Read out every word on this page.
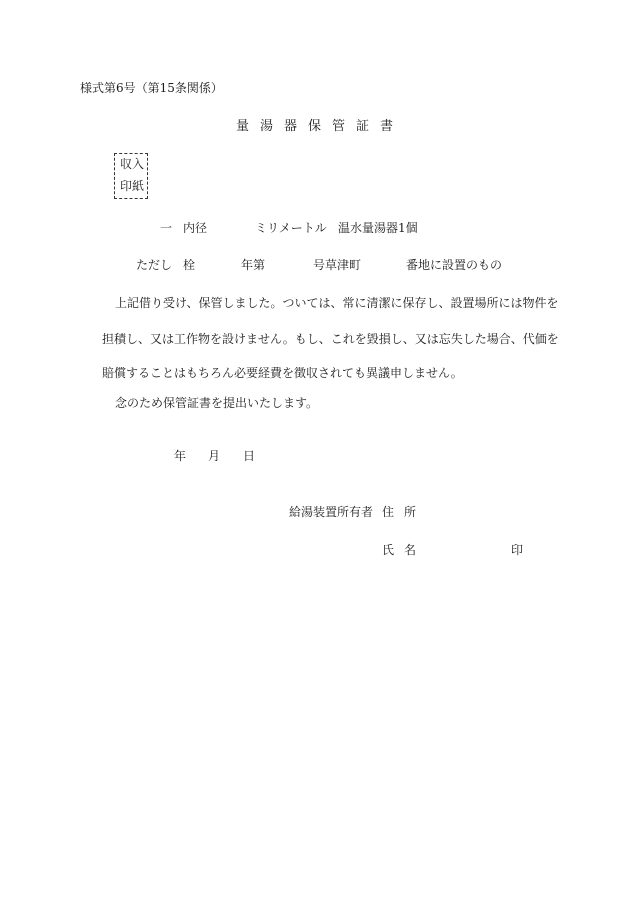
様式第6号（第15条関係）
量湯器保管証書
収入
印紙
一 内径	ミリメートル 温水量湯器1個
ただし 栓	年第	号草津町	番地に設置のもの
上記借り受け、保管しました。ついては、常に清潔に保存し、設置場所には物件を
担積し、又は工作物を設けません。もし、これを毀損し、又は忘失した場合、代価を
賠償することはもちろん必要経費を徴収されても異議申しません。
念のため保管証書を提出いたします。
年 月 日
給湯装置所有者 住所
氏名	印
